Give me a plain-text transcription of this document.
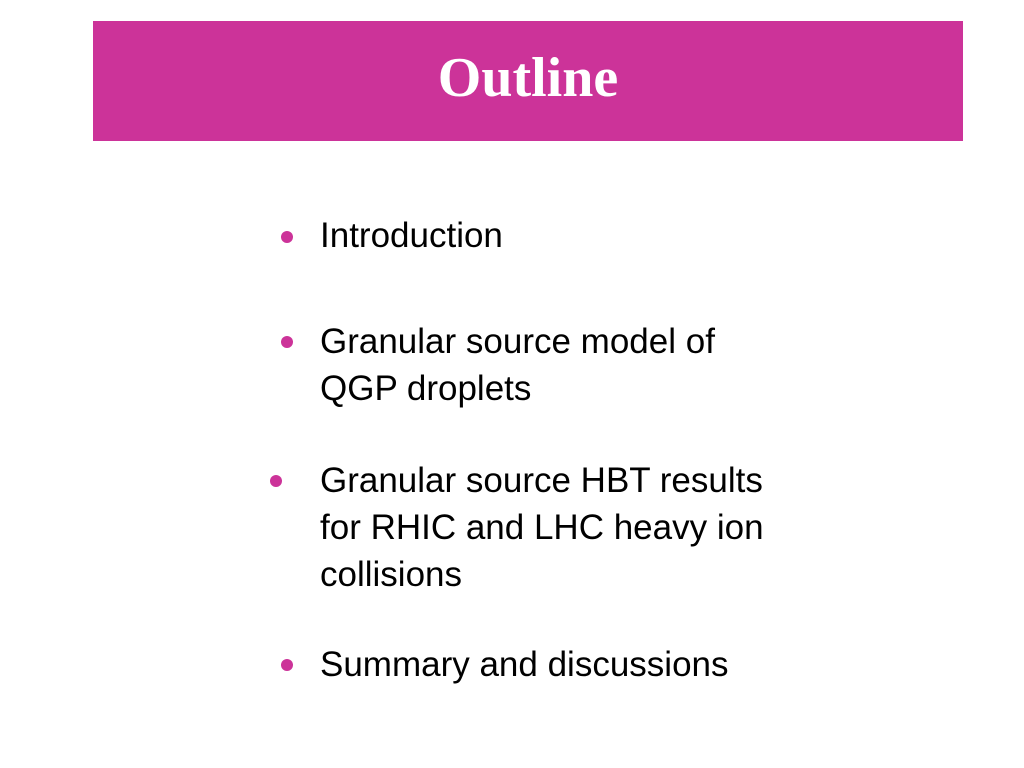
Outline
Introduction
Granular source model of
QGP droplets
Granular source HBT results
for RHIC and LHC heavy ion
collisions
Summary and discussions
